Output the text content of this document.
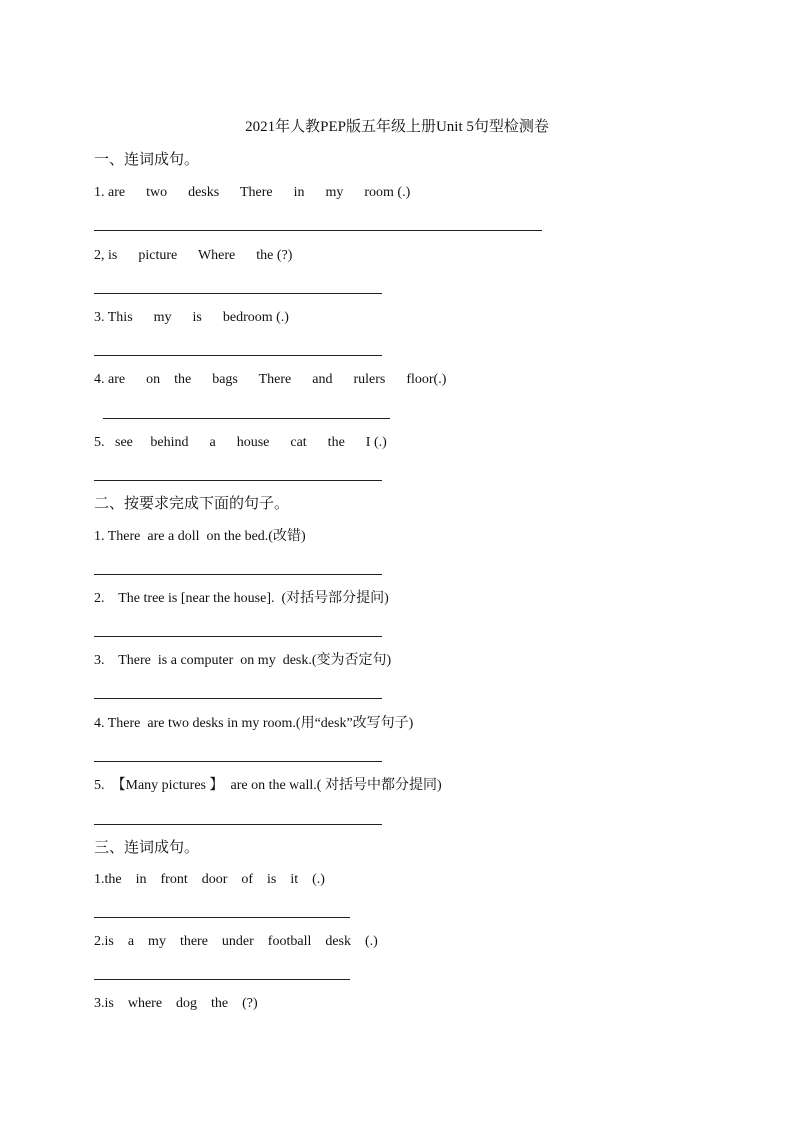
2021年人教PEP版五年级上册Unit 5句型检测卷
一、连词成句。
1. are      two      desks      There      in      my      room (.)
2, is      picture      Where      the (?)
3. This      my      is      bedroom (.)
4. are      on    the      bags      There      and      rulers      floor(.)
5.   see     behind      a      house      cat      the      I (.)
二、按要求完成下面的句子。
1. There  are a doll  on the bed.(改错)
2.    The tree is [near the house].  (对括号部分提问)
3.    There  is a computer  on my  desk.(变为否定句)
4. There  are two desks in my room.(用“desk”改写句子)
5.  【Many pictures 】  are on the wall.( 对括号中都分提同)
三、连词成句。
1.the    in    front    door    of    is    it    (.)
2.is    a    my    there    under    football    desk    (.)
3.is    where    dog    the    (?)
